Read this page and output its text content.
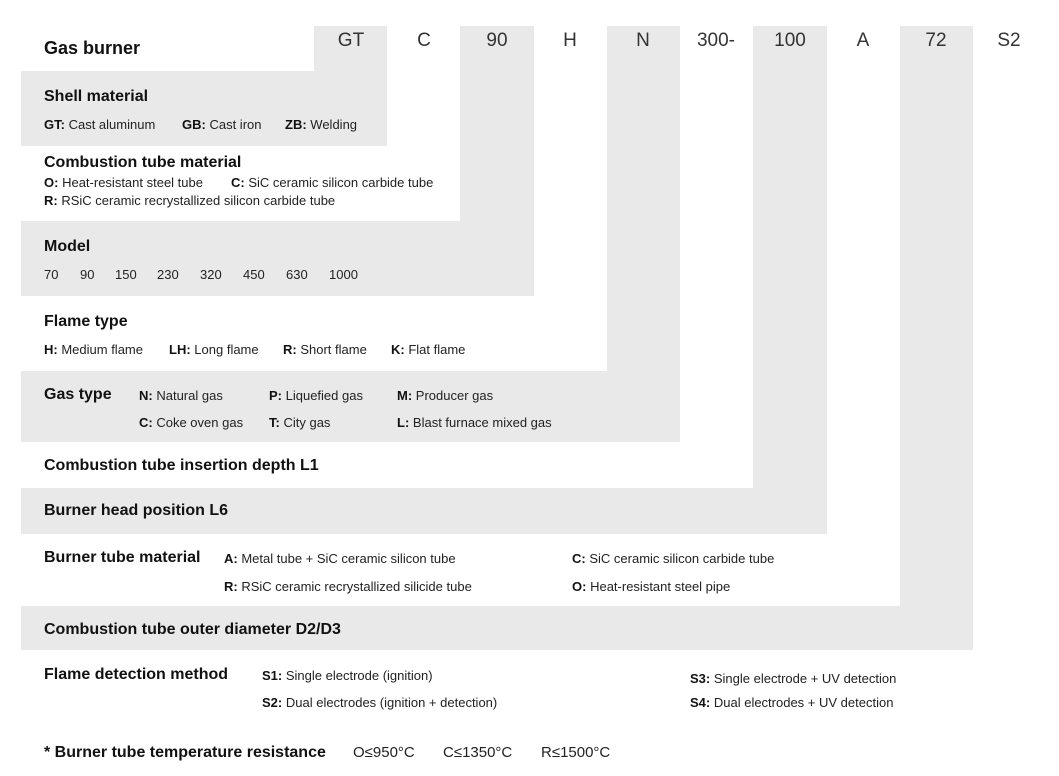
Gas burner	GT	C	90	H	N	300-	100	A	72	S2
Shell material
GT: Cast aluminum GB: Cast iron ZB: Welding
Combustion tube material
O: Heat-resistant steel tube C: SiC ceramic silicon carbide tube
R: RSiC ceramic recrystallized silicon carbide tube
Model
70 90 150 230 320 450 630 1000
Flame type
H: Medium flame LH: Long flame R: Short flame K: Flat flame
Gas type N: Natural gas	P: Liquefied gas	M: Producer gas
C: Coke oven gas T: City gas	L: Blast furnace mixed gas
Combustion tube insertion depth L1
Burner head position L6
Burner tube material A: Metal tube + SiC ceramic silicon tube	C: SiC ceramic silicon carbide tube
R: RSiC ceramic recrystallized silicide tube	O: Heat-resistant steel pipe
Combustion tube outer diameter D2/D3
Flame detection method	S1: Single electrode (ignition)
S2: Dual electrodes (ignition + detection)
S3: Single electrode + UV detection
S4: Dual electrodes + UV detection
* Burner tube temperature resistance O≤950°C C≤1350°C R≤1500°C
